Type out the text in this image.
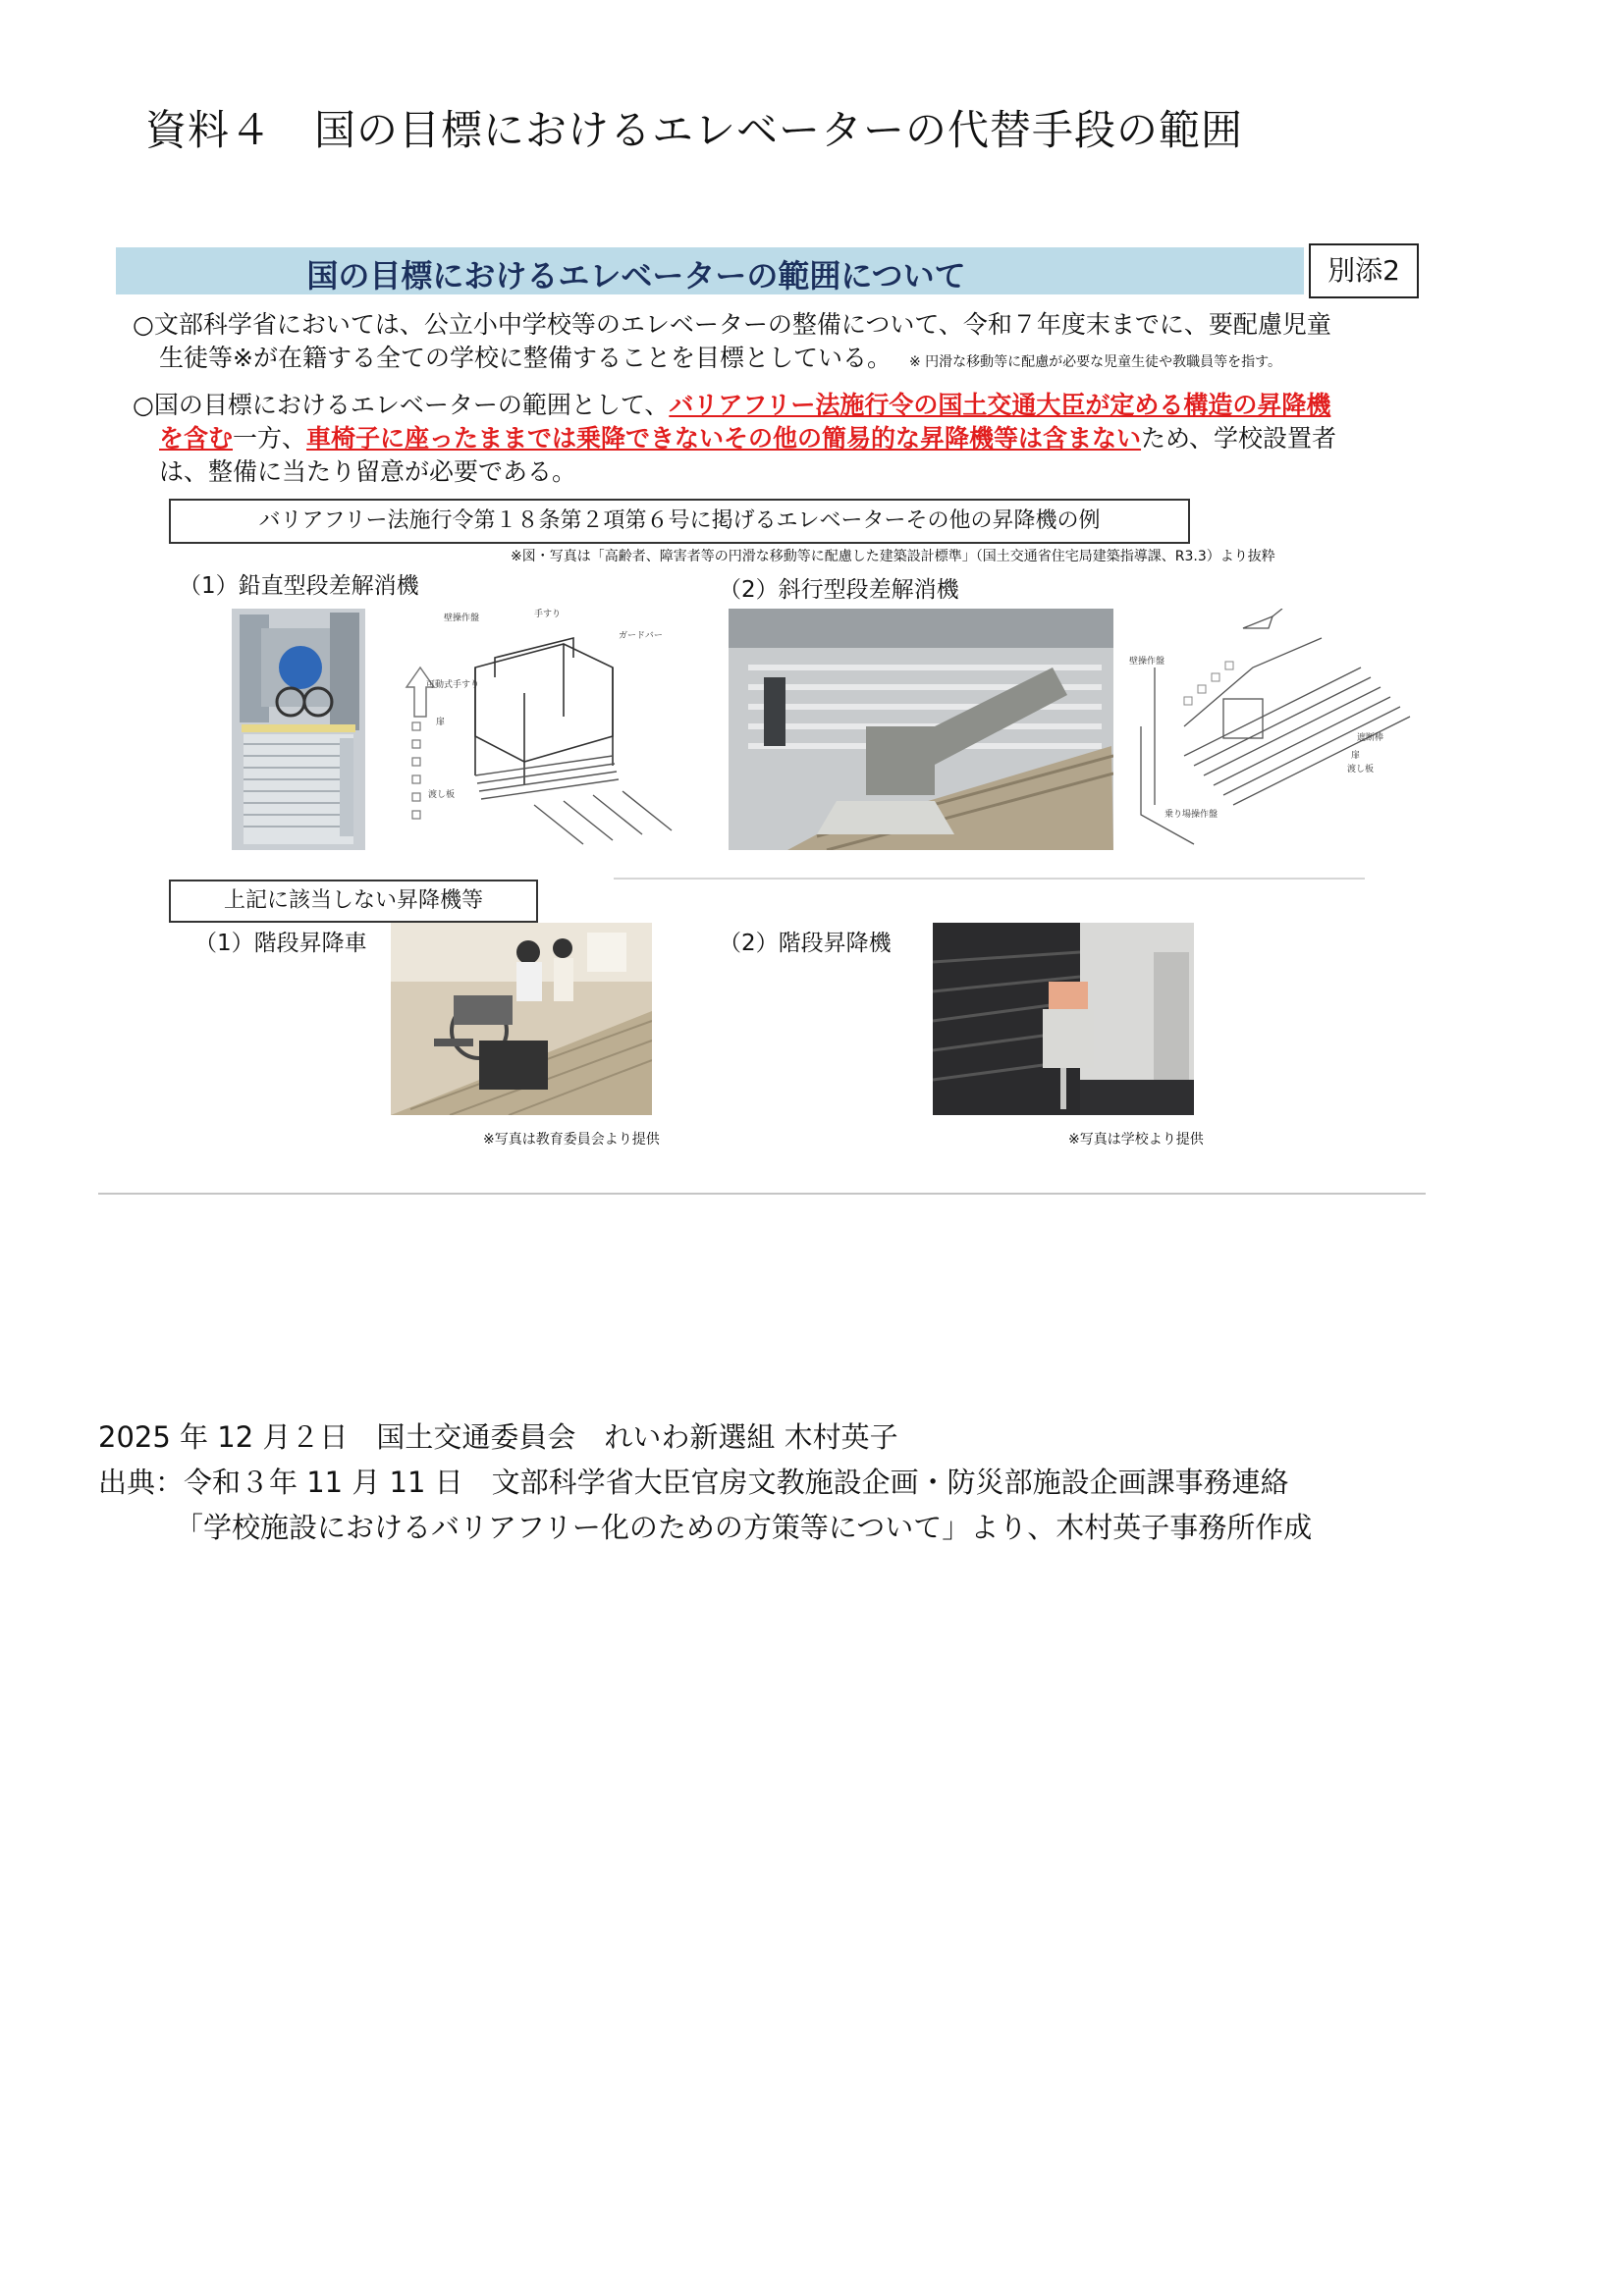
資料４　国の目標におけるエレベーターの代替手段の範囲
国の目標におけるエレベーターの範囲について	別添2
○文部科学省においては、公立小中学校等のエレベーターの整備について、令和７年度末までに、要配慮児童
生徒等※が在籍する全ての学校に整備することを目標としている。 ※ 円滑な移動等に配慮が必要な児童生徒や教職員等を指す。
○国の目標におけるエレベーターの範囲として、バリアフリー法施行令の国土交通大臣が定める構造の昇降機
を含む一方、車椅子に座ったままでは乗降できないその他の簡易的な昇降機等は含まないため、学校設置者
は、整備に当たり留意が必要である。
バリアフリー法施行令第１８条第２項第６号に掲げるエレベーターその他の昇降機の例
※図・写真は「高齢者、障害者等の円滑な移動等に配慮した建築設計標準」（国土交通省住宅局建築指導課、R3.3）より抜粋
（1）鉛直型段差解消機	（2）斜行型段差解消機
壁操作盤	手すり
ガードバー
可動式手すり
扉
渡し板
壁操作盤
遮断棒
扉
渡し板
乗り場操作盤
上記に該当しない昇降機等
（1）階段昇降車	（2）階段昇降機
※写真は教育委員会より提供	※写真は学校より提供
2025 年 12 月２日　国土交通委員会　れいわ新選組 木村英子
出典：令和３年 11 月 11 日　文部科学省大臣官房文教施設企画・防災部施設企画課事務連絡
「学校施設におけるバリアフリー化のための方策等について」より、木村英子事務所作成
